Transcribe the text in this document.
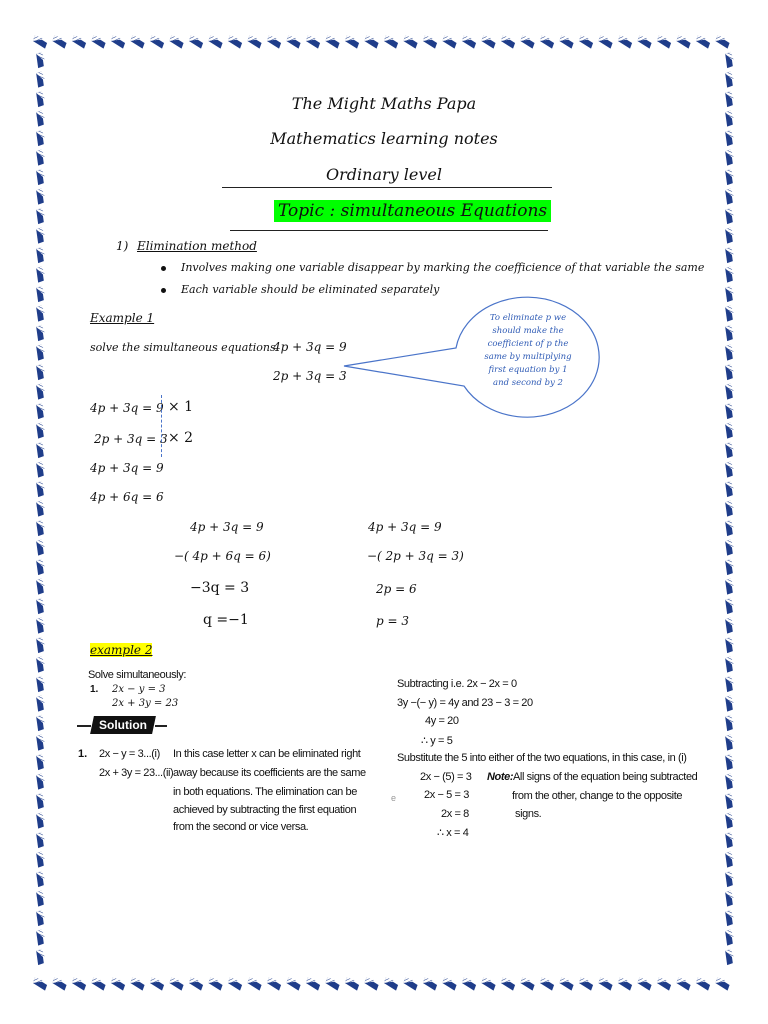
The Might Maths Papa
Mathematics learning notes
Ordinary level
Topic : simultaneous Equations
1) Elimination method
Involves making one variable disappear by marking the coefficience of that variable the same
Each variable should be eliminated separately
Example 1
solve the simultaneous equations
4p + 3q = 9
2p + 3q = 3
To eliminate p we should make the coefficient of p the same by multiplying first equation by 1 and second by 2
4p + 3q = 9
2p + 3q = 3
× 1
× 2
4p + 3q = 9
4p + 6q = 6
4p + 3q = 9
−( 4p + 6q = 6)
−3q = 3
q =−1
4p + 3q = 9
−( 2p + 3q = 3)
2p = 6
p = 3
example 2
Solve simultaneously:
1. 2x − y = 3
2x + 3y = 23
Solution
1. 2x − y = 3...(i)
2x + 3y = 23...(ii)
In this case letter x can be eliminated right
away because its coefficients are the same
in both equations. The elimination can be
achieved by subtracting the first equation
from the second or vice versa.
Subtracting i.e. 2x − 2x = 0
3y −(− y) = 4y and 23 − 3 = 20
4y = 20
∴ y = 5
Substitute the 5 into either of the two equations, in this case, in (i)
2x − (5) = 3
2x − 5 = 3
2x = 8
∴ x = 4
e
Note: All signs of the equation being subtracted
from the other, change to the opposite
signs.
